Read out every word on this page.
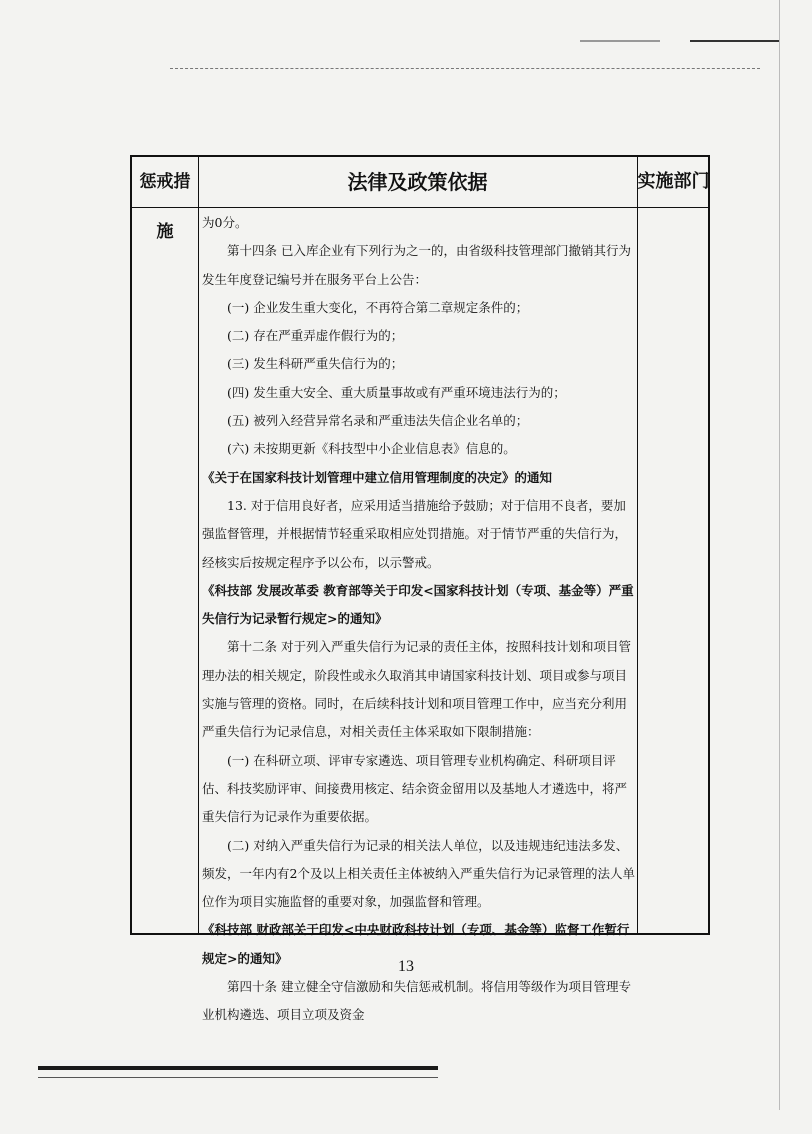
惩戒措施
法律及政策依据	实施部门

为0分。

第十四条 已入库企业有下列行为之一的，由省级科技管理部门撤销其行为发生年度登记编号并在服务平台上公告：

(一) 企业发生重大变化，不再符合第二章规定条件的；

(二) 存在严重弄虚作假行为的；

(三) 发生科研严重失信行为的；

(四) 发生重大安全、重大质量事故或有严重环境违法行为的；

(五) 被列入经营异常名录和严重违法失信企业名单的；

(六) 未按期更新《科技型中小企业信息表》信息的。

《关于在国家科技计划管理中建立信用管理制度的决定》的通知

13. 对于信用良好者，应采用适当措施给予鼓励；对于信用不良者，要加强监督管理，并根据情节轻重采取相应处罚措施。对于情节严重的失信行为，经核实后按规定程序予以公布，以示警戒。

《科技部 发展改革委 教育部等关于印发<国家科技计划（专项、基金等）严重失信行为记录暂行规定>的通知》

第十二条 对于列入严重失信行为记录的责任主体，按照科技计划和项目管理办法的相关规定，阶段性或永久取消其申请国家科技计划、项目或参与项目实施与管理的资格。同时，在后续科技计划和项目管理工作中，应当充分利用严重失信行为记录信息，对相关责任主体采取如下限制措施：

(一) 在科研立项、评审专家遴选、项目管理专业机构确定、科研项目评估、科技奖励评审、间接费用核定、结余资金留用以及基地人才遴选中，将严重失信行为记录作为重要依据。

(二) 对纳入严重失信行为记录的相关法人单位，以及违规违纪违法多发、频发，一年内有2个及以上相关责任主体被纳入严重失信行为记录管理的法人单位作为项目实施监督的重要对象，加强监督和管理。

《科技部 财政部关于印发<中央财政科技计划（专项、基金等）监督工作暂行规定>的通知》

第四十条 建立健全守信激励和失信惩戒机制。将信用等级作为项目管理专业机构遴选、项目立项及资金

13
